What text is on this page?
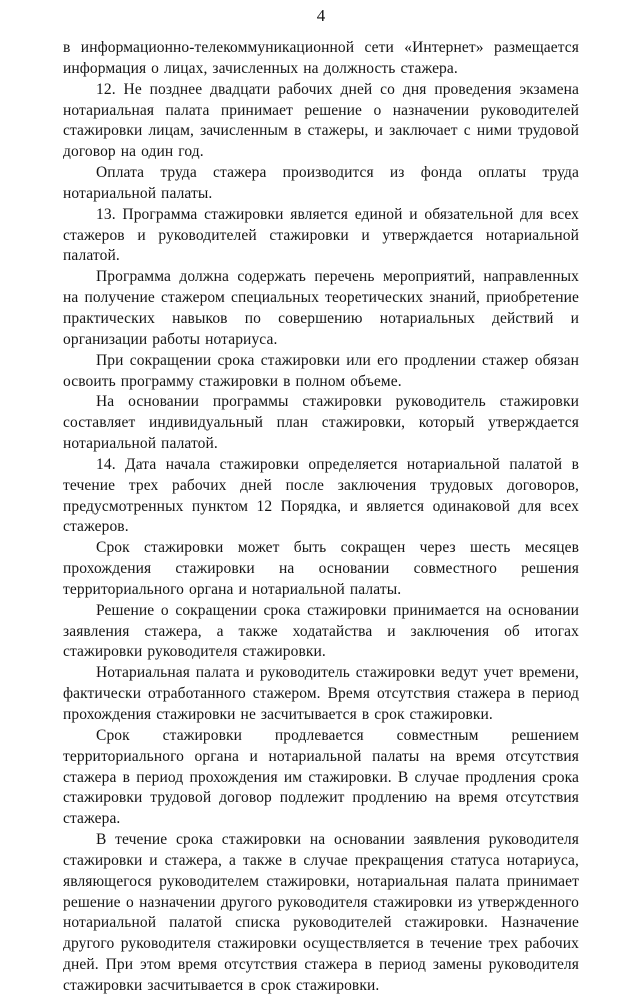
4

в информационно-телекоммуникационной сети «Интернет» размещается информация о лицах, зачисленных на должность стажера.

12. Не позднее двадцати рабочих дней со дня проведения экзамена нотариальная палата принимает решение о назначении руководителей стажировки лицам, зачисленным в стажеры, и заключает с ними трудовой договор на один год.

Оплата труда стажера производится из фонда оплаты труда нотариальной палаты.

13. Программа стажировки является единой и обязательной для всех стажеров и руководителей стажировки и утверждается нотариальной палатой.

Программа должна содержать перечень мероприятий, направленных на получение стажером специальных теоретических знаний, приобретение практических навыков по совершению нотариальных действий и организации работы нотариуса.

При сокращении срока стажировки или его продлении стажер обязан освоить программу стажировки в полном объеме.

На основании программы стажировки руководитель стажировки составляет индивидуальный план стажировки, который утверждается нотариальной палатой.

14. Дата начала стажировки определяется нотариальной палатой в течение трех рабочих дней после заключения трудовых договоров, предусмотренных пунктом 12 Порядка, и является одинаковой для всех стажеров.

Срок стажировки может быть сокращен через шесть месяцев прохождения стажировки на основании совместного решения территориального органа и нотариальной палаты.

Решение о сокращении срока стажировки принимается на основании заявления стажера, а также ходатайства и заключения об итогах стажировки руководителя стажировки.

Нотариальная палата и руководитель стажировки ведут учет времени, фактически отработанного стажером. Время отсутствия стажера в период прохождения стажировки не засчитывается в срок стажировки.

Срок стажировки продлевается совместным решением территориального органа и нотариальной палаты на время отсутствия стажера в период прохождения им стажировки. В случае продления срока стажировки трудовой договор подлежит продлению на время отсутствия стажера.

В течение срока стажировки на основании заявления руководителя стажировки и стажера, а также в случае прекращения статуса нотариуса, являющегося руководителем стажировки, нотариальная палата принимает решение о назначении другого руководителя стажировки из утвержденного нотариальной палатой списка руководителей стажировки. Назначение другого руководителя стажировки осуществляется в течение трех рабочих дней. При этом время отсутствия стажера в период замены руководителя стажировки засчитывается в срок стажировки.
